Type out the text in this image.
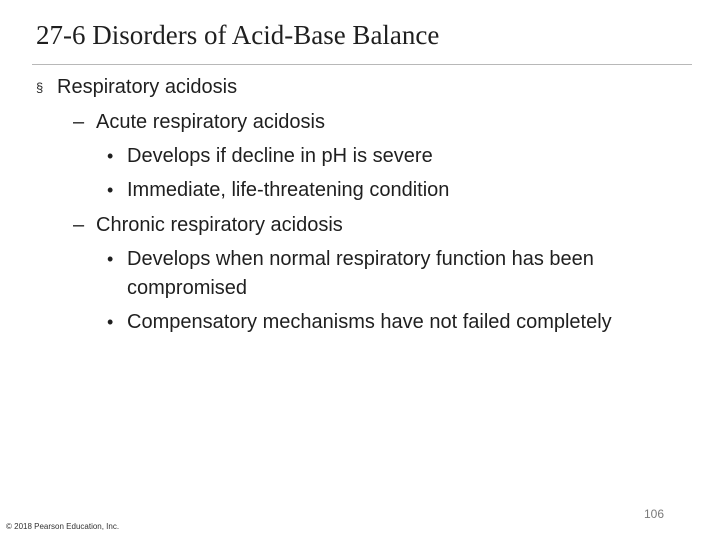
27-6 Disorders of Acid-Base Balance
§ Respiratory acidosis
– Acute respiratory acidosis
• Develops if decline in pH is severe
• Immediate, life-threatening condition
– Chronic respiratory acidosis
• Develops when normal respiratory function has been compromised
• Compensatory mechanisms have not failed completely
106
© 2018 Pearson Education, Inc.
